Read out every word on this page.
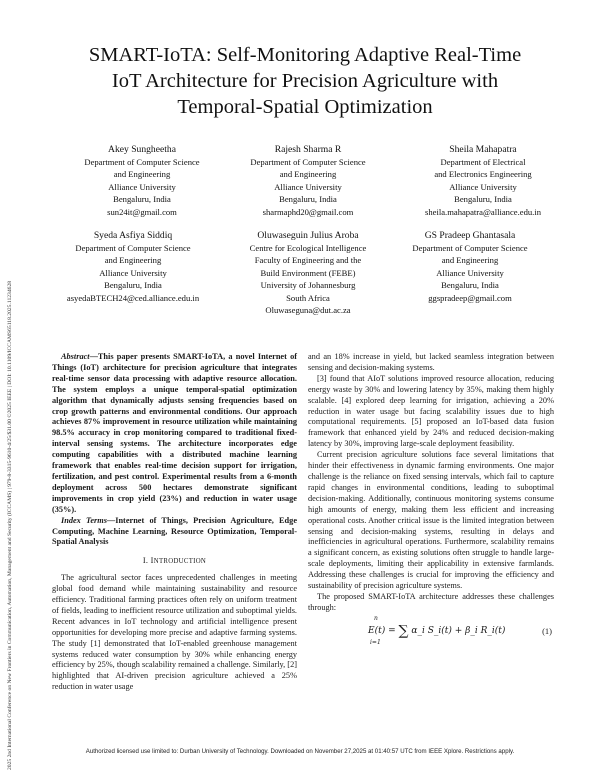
2025 2nd International Conference on New Frontiers in Communication, Automation, Management and Security (ICCAMS) | 979-8-3315-9610-4/25/$31.00 ©2025 IEEE | DOI: 10.1109/ICCAMS65118.2025.11234628
SMART-IoTA: Self-Monitoring Adaptive Real-Time
IoT Architecture for Precision Agriculture with
Temporal-Spatial Optimization
Akey Sungheetha
Department of Computer Science
and Engineering
Alliance University
Bengaluru, India
sun24it@gmail.com
Rajesh Sharma R
Department of Computer Science
and Engineering
Alliance University
Bengaluru, India
sharmaphd20@gmail.com
Sheila Mahapatra
Department of Electrical
and Electronics Engineering
Alliance University
Bengaluru, India
sheila.mahapatra@alliance.edu.in
Syeda Asfiya Siddiq
Department of Computer Science
and Engineering
Alliance University
Bengaluru, India
asyedaBTECH24@ced.alliance.edu.in
Oluwaseguin Julius Aroba
Centre for Ecological Intelligence
Faculty of Engineering and the
Build Environment (FEBE)
University of Johannesburg
South Africa
Oluwaseguna@dut.ac.za
GS Pradeep Ghantasala
Department of Computer Science
and Engineering
Alliance University
Bengaluru, India
ggspradeep@gmail.com

Abstract—This paper presents SMART-IoTA, a novel Internet of Things (IoT) architecture for precision agriculture that integrates real-time sensor data processing with adaptive resource allocation. The system employs a unique temporal-spatial optimization algorithm that dynamically adjusts sensing frequencies based on crop growth patterns and environmental conditions. Our approach achieves 87% improvement in resource utilization while maintaining 98.5% accuracy in crop monitoring compared to traditional fixed-interval sensing systems. The architecture incorporates edge computing capabilities with a distributed machine learning framework that enables real-time decision support for irrigation, fertilization, and pest control. Experimental results from a 6-month deployment across 500 hectares demonstrate significant improvements in crop yield (23%) and reduction in water usage (35%).

Index Terms—Internet of Things, Precision Agriculture, Edge Computing, Machine Learning, Resource Optimization, Temporal-Spatial Analysis

I. INTRODUCTION

The agricultural sector faces unprecedented challenges in meeting global food demand while maintaining sustainability and resource efficiency. Traditional farming practices often rely on uniform treatment of fields, leading to inefficient resource utilization and suboptimal yields. Recent advances in IoT technology and artificial intelligence present opportunities for developing more precise and adaptive farming systems. The study [1] demonstrated that IoT-enabled greenhouse management systems reduced water consumption by 30% while enhancing energy efficiency by 25%, though scalability remained a challenge. Similarly, [2] highlighted that AI-driven precision agriculture achieved a 25% reduction in water usage

and an 18% increase in yield, but lacked seamless integration between sensing and decision-making systems.

[3] found that AIoT solutions improved resource allocation, reducing energy waste by 30% and lowering latency by 35%, making them highly scalable. [4] explored deep learning for irrigation, achieving a 20% reduction in water usage but facing scalability issues due to high computational requirements. [5] proposed an IoT-based data fusion framework that enhanced yield by 24% and reduced decision-making latency by 30%, improving large-scale deployment feasibility.

Current precision agriculture solutions face several limitations that hinder their effectiveness in dynamic farming environments. One major challenge is the reliance on fixed sensing intervals, which fail to capture rapid changes in environmental conditions, leading to suboptimal decision-making. Additionally, continuous monitoring systems consume high amounts of energy, making them less efficient and increasing operational costs. Another critical issue is the limited integration between sensing and decision-making systems, resulting in delays and inefficiencies in agricultural operations. Furthermore, scalability remains a significant concern, as existing solutions often struggle to handle large-scale deployments, limiting their applicability in extensive farmlands. Addressing these challenges is crucial for improving the efficiency and sustainability of precision agriculture systems.

The proposed SMART-IoTA architecture addresses these challenges through:

n
E(t) = ∑ α_i S_i(t) + β_i R_i(t)
i=1
(1)
Authorized licensed use limited to: Durban University of Technology. Downloaded on November 27,2025 at 01:40:57 UTC from IEEE Xplore. Restrictions apply.
